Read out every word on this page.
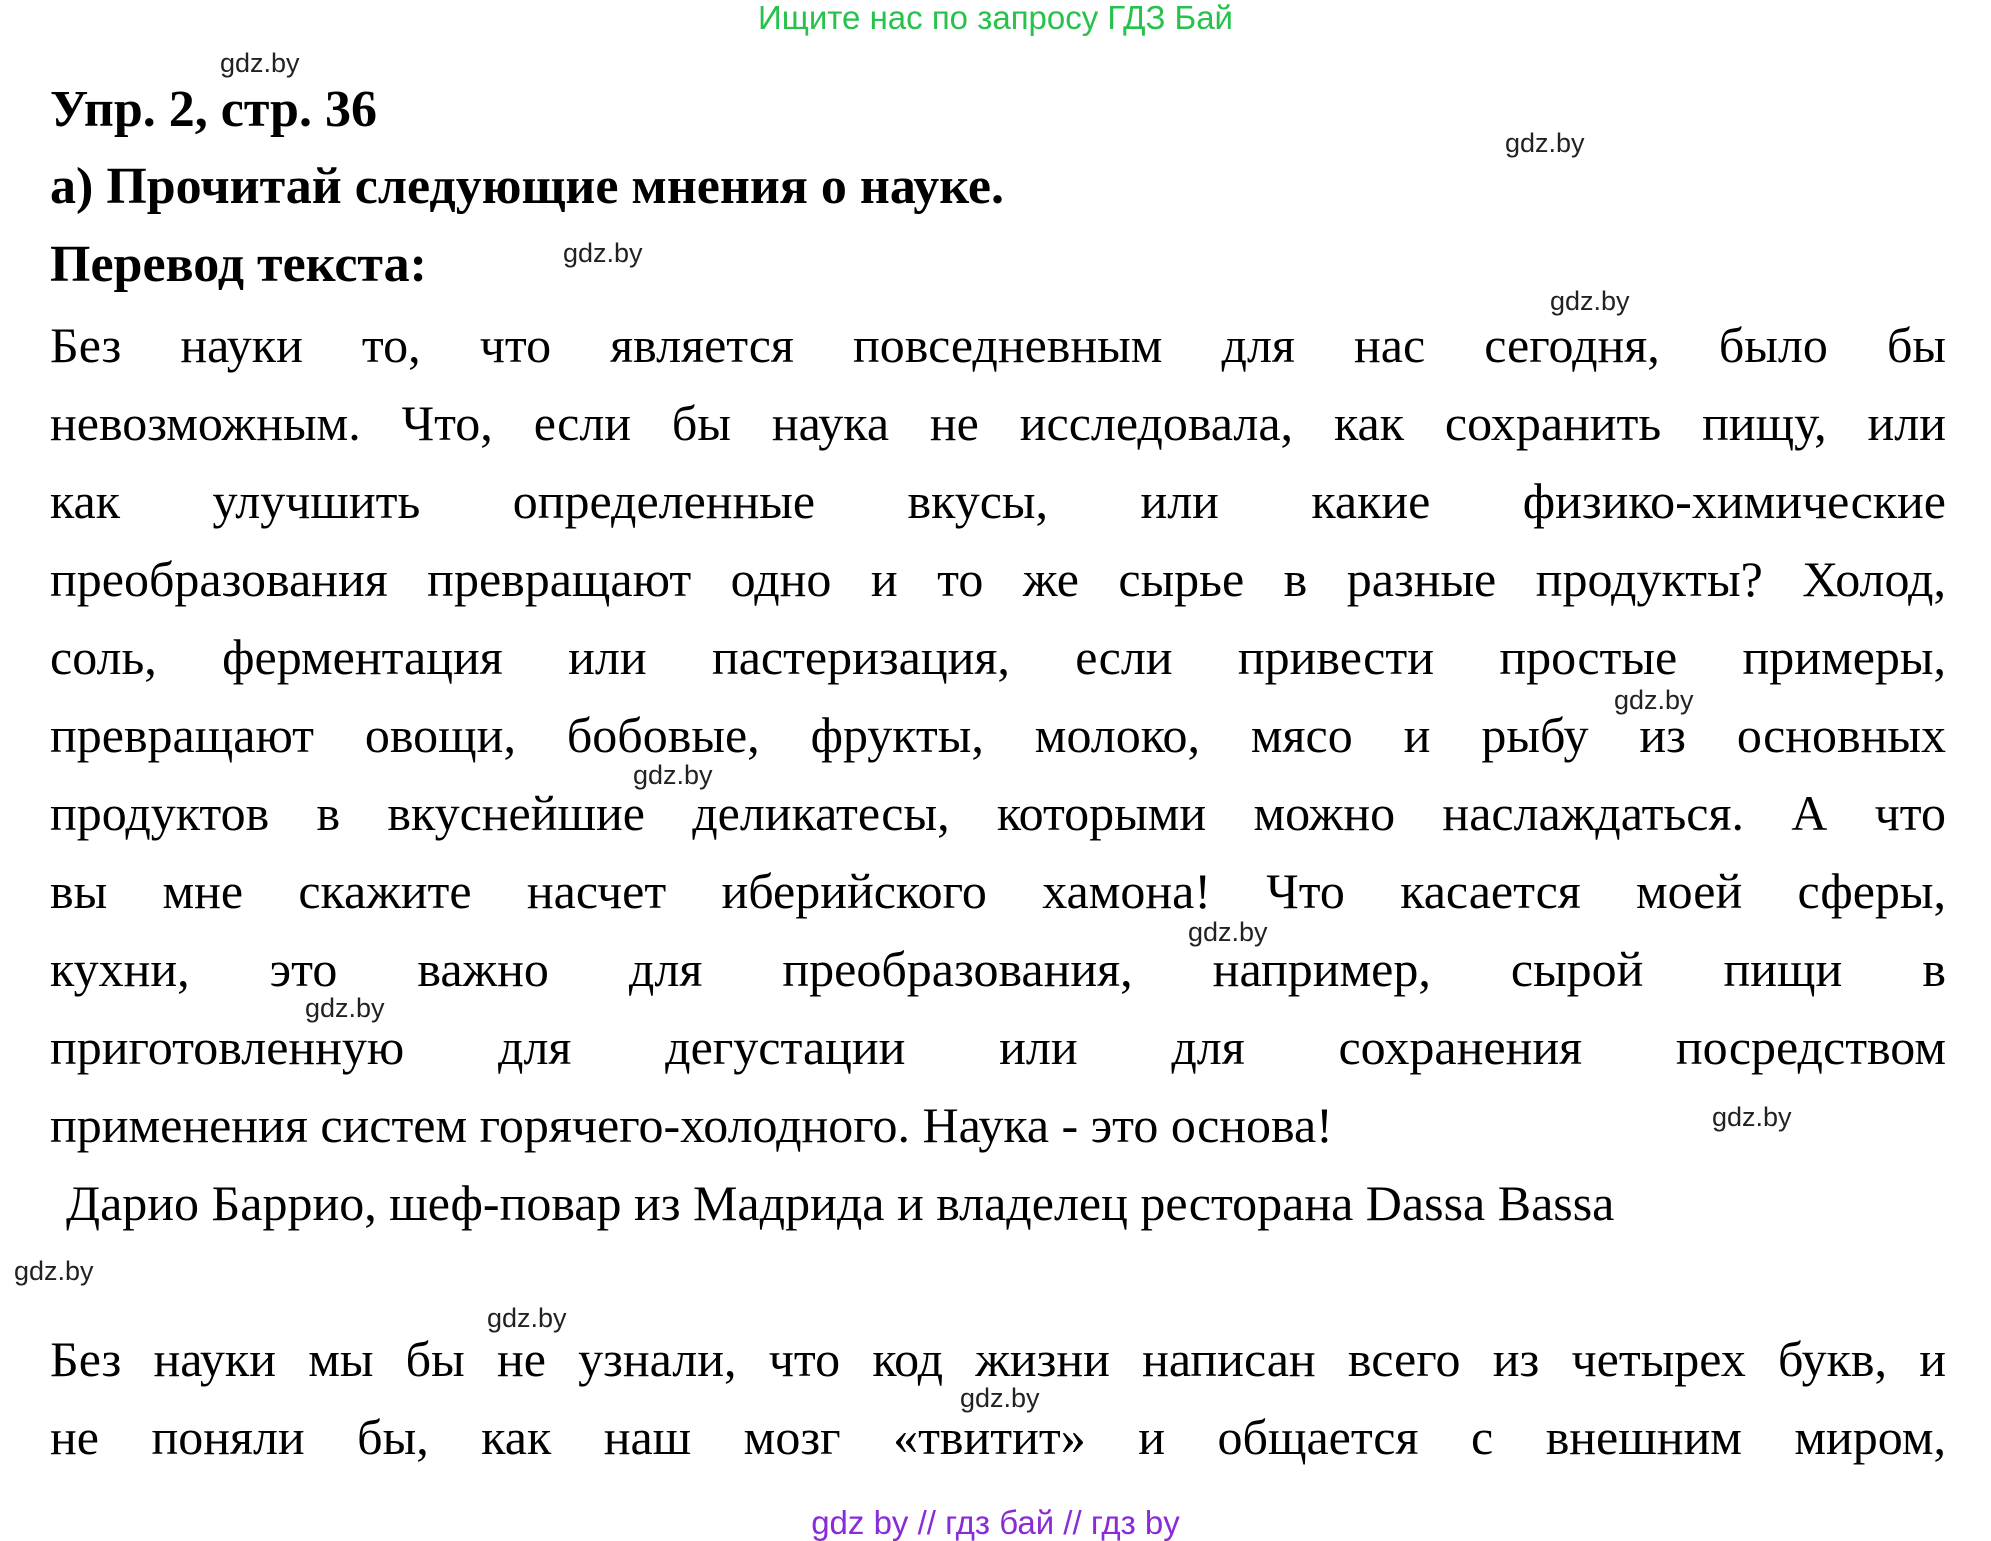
Ищите нас по запросу ГДЗ Бай
Упр. 2, стр. 36
а) Прочитай следующие мнения о науке.
Перевод текста:
Без науки то, что является повседневным для нас сегодня, было бы
невозможным. Что, если бы наука не исследовала, как сохранить пищу, или
как улучшить определенные вкусы, или какие физико-химические
преобразования превращают одно и то же сырье в разные продукты? Холод,
соль, ферментация или пастеризация, если привести простые примеры,
превращают овощи, бобовые, фрукты, молоко, мясо и рыбу из основных
продуктов в вкуснейшие деликатесы, которыми можно наслаждаться. А что
вы мне скажите насчет иберийского хамона! Что касается моей сферы,
кухни, это важно для преобразования, например, сырой пищи в
приготовленную для дегустации или для сохранения посредством
применения систем горячего-холодного. Наука - это основа!
Дарио Баррио, шеф-повар из Мадрида и владелец ресторана Dassa Bassa
Без науки мы бы не узнали, что код жизни написан всего из четырех букв, и
не поняли бы, как наш мозг «твитит» и общается с внешним миром,
gdz.by
gdz.by
gdz.by
gdz.by
gdz.by
gdz.by
gdz.by
gdz.by
gdz.by
gdz.by
gdz.by
gdz.by
gdz by // гдз бай // гдз by
